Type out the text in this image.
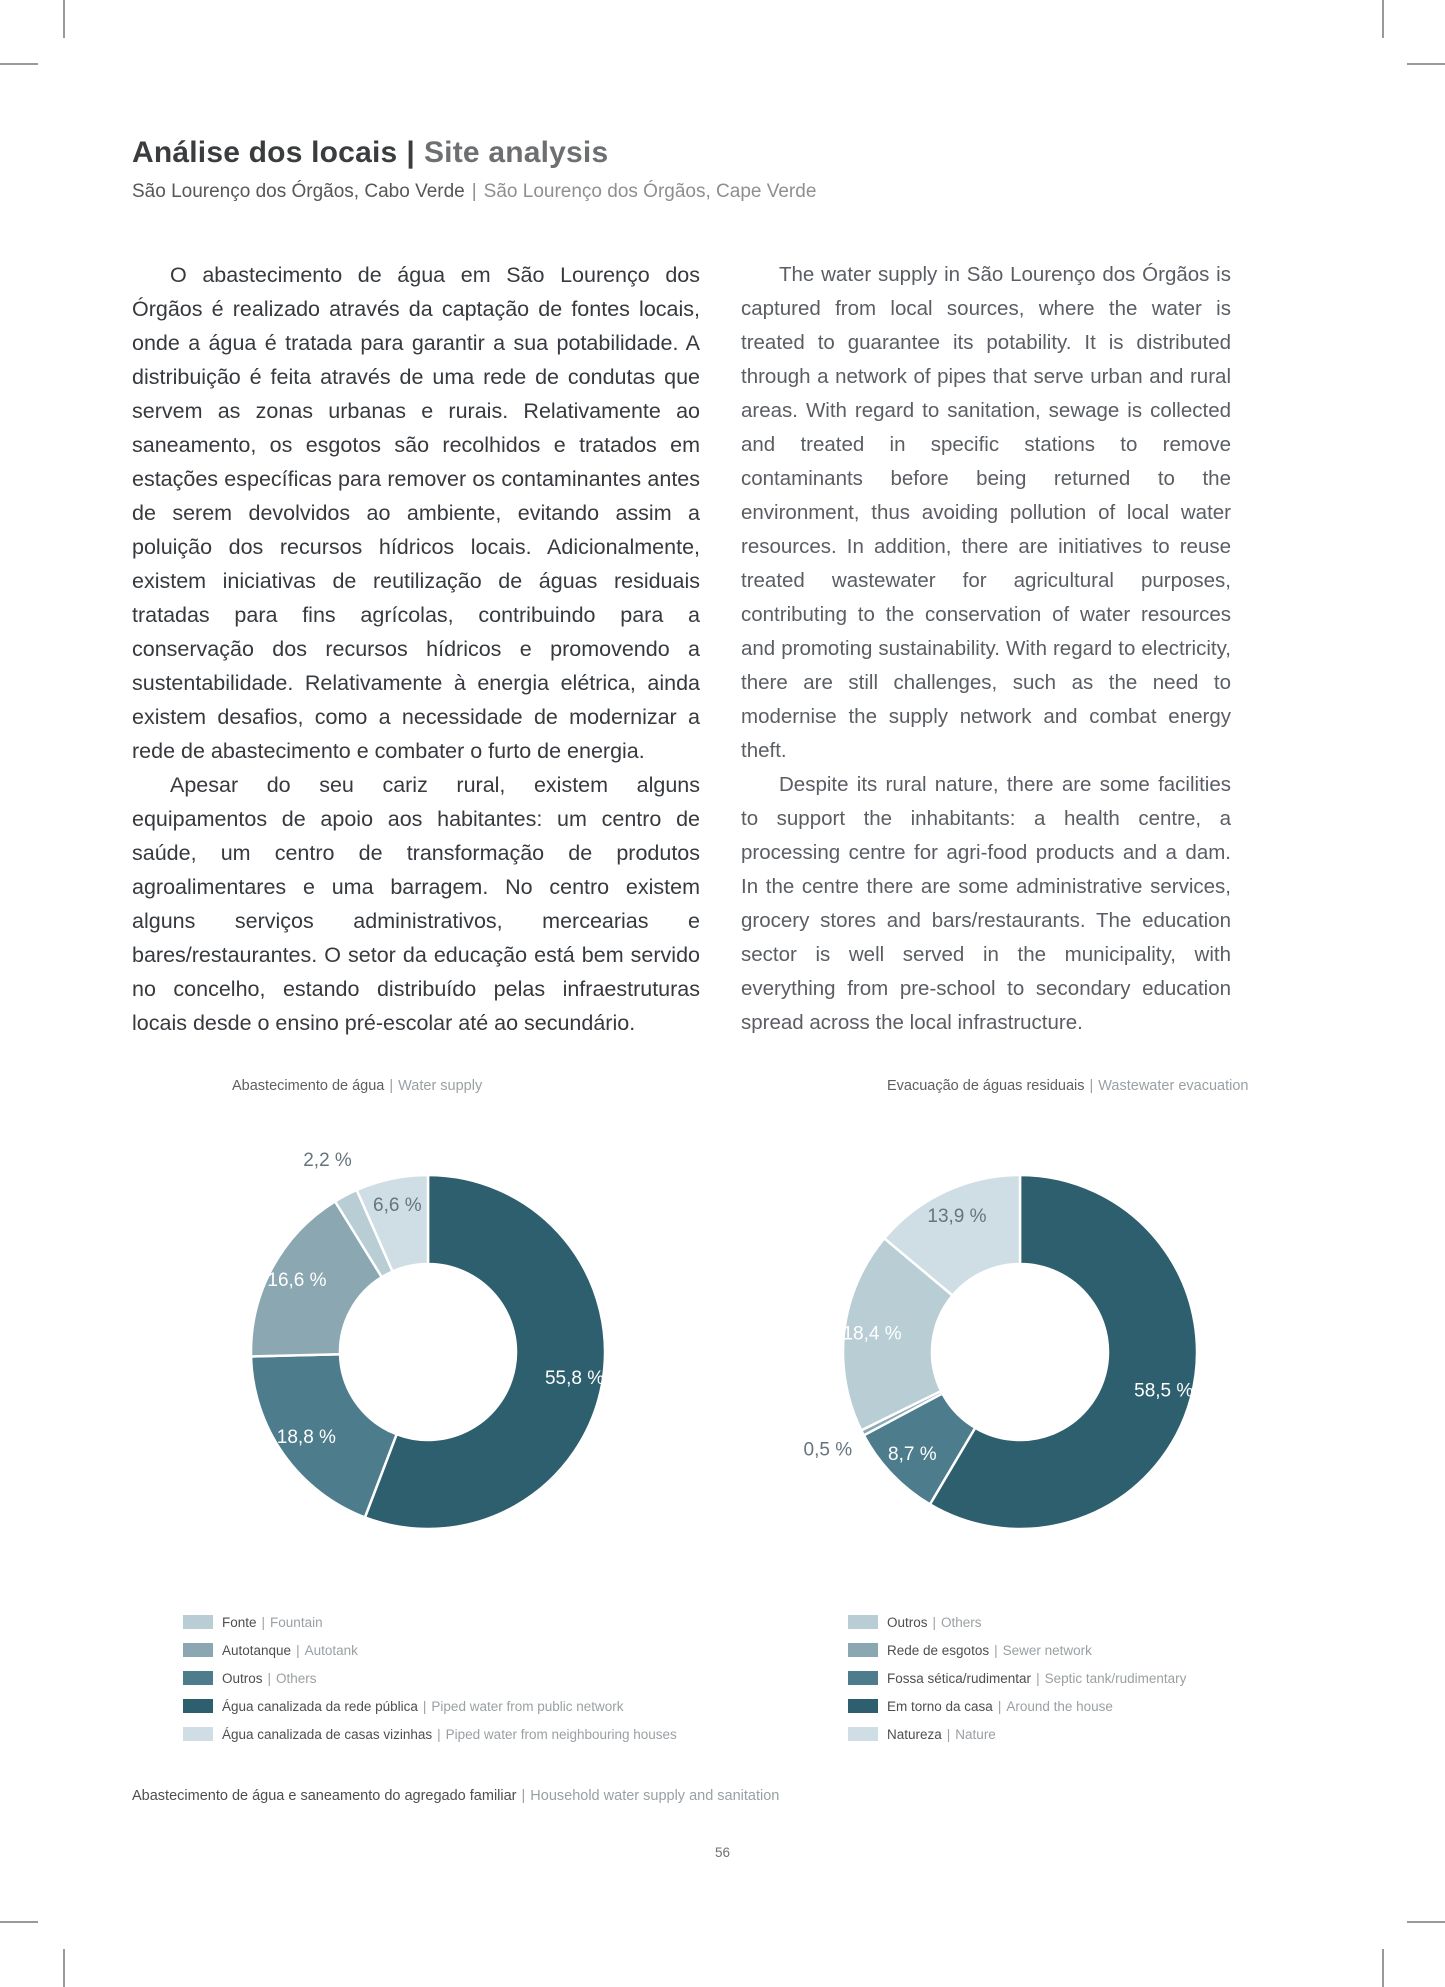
Análise dos locais | Site analysis
São Lourenço dos Órgãos, Cabo Verde | São Lourenço dos Órgãos, Cape Verde

O abastecimento de água em São Lourenço dos Órgãos é realizado através da captação de fontes locais, onde a água é tratada para garantir a sua potabilidade. A distribuição é feita através de uma rede de condutas que servem as zonas urbanas e rurais. Relativamente ao saneamento, os esgotos são recolhidos e tratados em estações específicas para remover os contaminantes antes de serem devolvidos ao ambiente, evitando assim a poluição dos recursos hídricos locais. Adicionalmente, existem iniciativas de reutilização de águas residuais tratadas para fins agrícolas, contribuindo para a conservação dos recursos hídricos e promovendo a sustentabilidade. Relativamente à energia elétrica, ainda existem desafios, como a necessidade de modernizar a rede de abastecimento e combater o furto de energia.

Apesar do seu cariz rural, existem alguns equipamentos de apoio aos habitantes: um centro de saúde, um centro de transformação de produtos agroalimentares e uma barragem. No centro existem alguns serviços administrativos, mercearias e bares/restaurantes. O setor da educação está bem servido no concelho, estando distribuído pelas infraestruturas locais desde o ensino pré-escolar até ao secundário.

The water supply in São Lourenço dos Órgãos is captured from local sources, where the water is treated to guarantee its potability. It is distributed through a network of pipes that serve urban and rural areas. With regard to sanitation, sewage is collected and treated in specific stations to remove contaminants before being returned to the environment, thus avoiding pollution of local water resources. In addition, there are initiatives to reuse treated wastewater for agricultural purposes, contributing to the conservation of water resources and promoting sustainability. With regard to electricity, there are still challenges, such as the need to modernise the supply network and combat energy theft.

Despite its rural nature, there are some facilities to support the inhabitants: a health centre, a processing centre for agri-food products and a dam. In the centre there are some administrative services, grocery stores and bars/restaurants. The education sector is well served in the municipality, with everything from pre-school to secondary education spread across the local infrastructure.

Abastecimento de água | Water supply	Evacuação de águas residuais | Wastewater evacuation
55,8 %
18,8 %
16,6 %
2,2 %
6,6 %
58,5 %
8,7 %
0,5 %
18,4 %
13,9 %
Fonte | Fountain
Autotanque | Autotank
Outros | Others
Água canalizada da rede pública | Piped water from public network
Água canalizada de casas vizinhas | Piped water from neighbouring houses
Outros | Others
Rede de esgotos | Sewer network
Fossa sética/rudimentar | Septic tank/rudimentary
Em torno da casa | Around the house
Natureza | Nature
Abastecimento de água e saneamento do agregado familiar | Household water supply and sanitation
56
